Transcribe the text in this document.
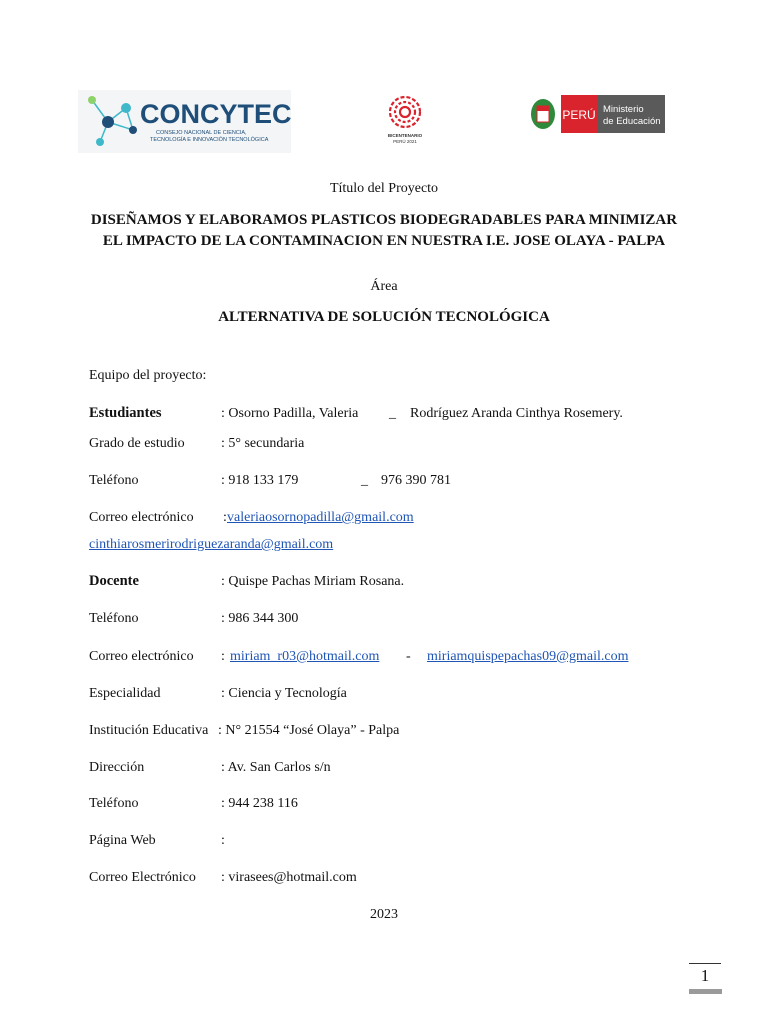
CONCYTEC
CONSEJO NACIONAL DE CIENCIA,
TECNOLOGÍA E INNOVACIÓN TECNOLÓGICA
BICENTENARIO
PERÚ 2021
PERÚ Ministerio
de Educación
Título del Proyecto
DISEÑAMOS Y ELABORAMOS PLASTICOS BIODEGRADABLES PARA MINIMIZAR EL IMPACTO DE LA CONTAMINACION EN NUESTRA I.E. JOSE OLAYA - PALPA
Área
ALTERNATIVA DE SOLUCIÓN TECNOLÓGICA
Equipo del proyecto:
Estudiantes	: Osorno Padilla, Valeria _ Rodríguez Aranda Cinthya Rosemery.
Grado de estudio	: 5° secundaria
Teléfono	: 918 133 179	_ 976 390 781
Correo electrónico : valeriaosornopadilla@gmail.com
cinthiarosmerirodriguezaranda@gmail.com
Docente	: Quispe Pachas Miriam Rosana.
Teléfono	: 986 344 300
Correo electrónico : miriam_r03@hotmail.com - miriamquispepachas09@gmail.com
Especialidad	: Ciencia y Tecnología
Institución Educativa : N° 21554 “José Olaya” - Palpa
Dirección	: Av. San Carlos s/n
Teléfono	: 944 238 116
Página Web	:
Correo Electrónico : virasees@hotmail.com
2023
1
